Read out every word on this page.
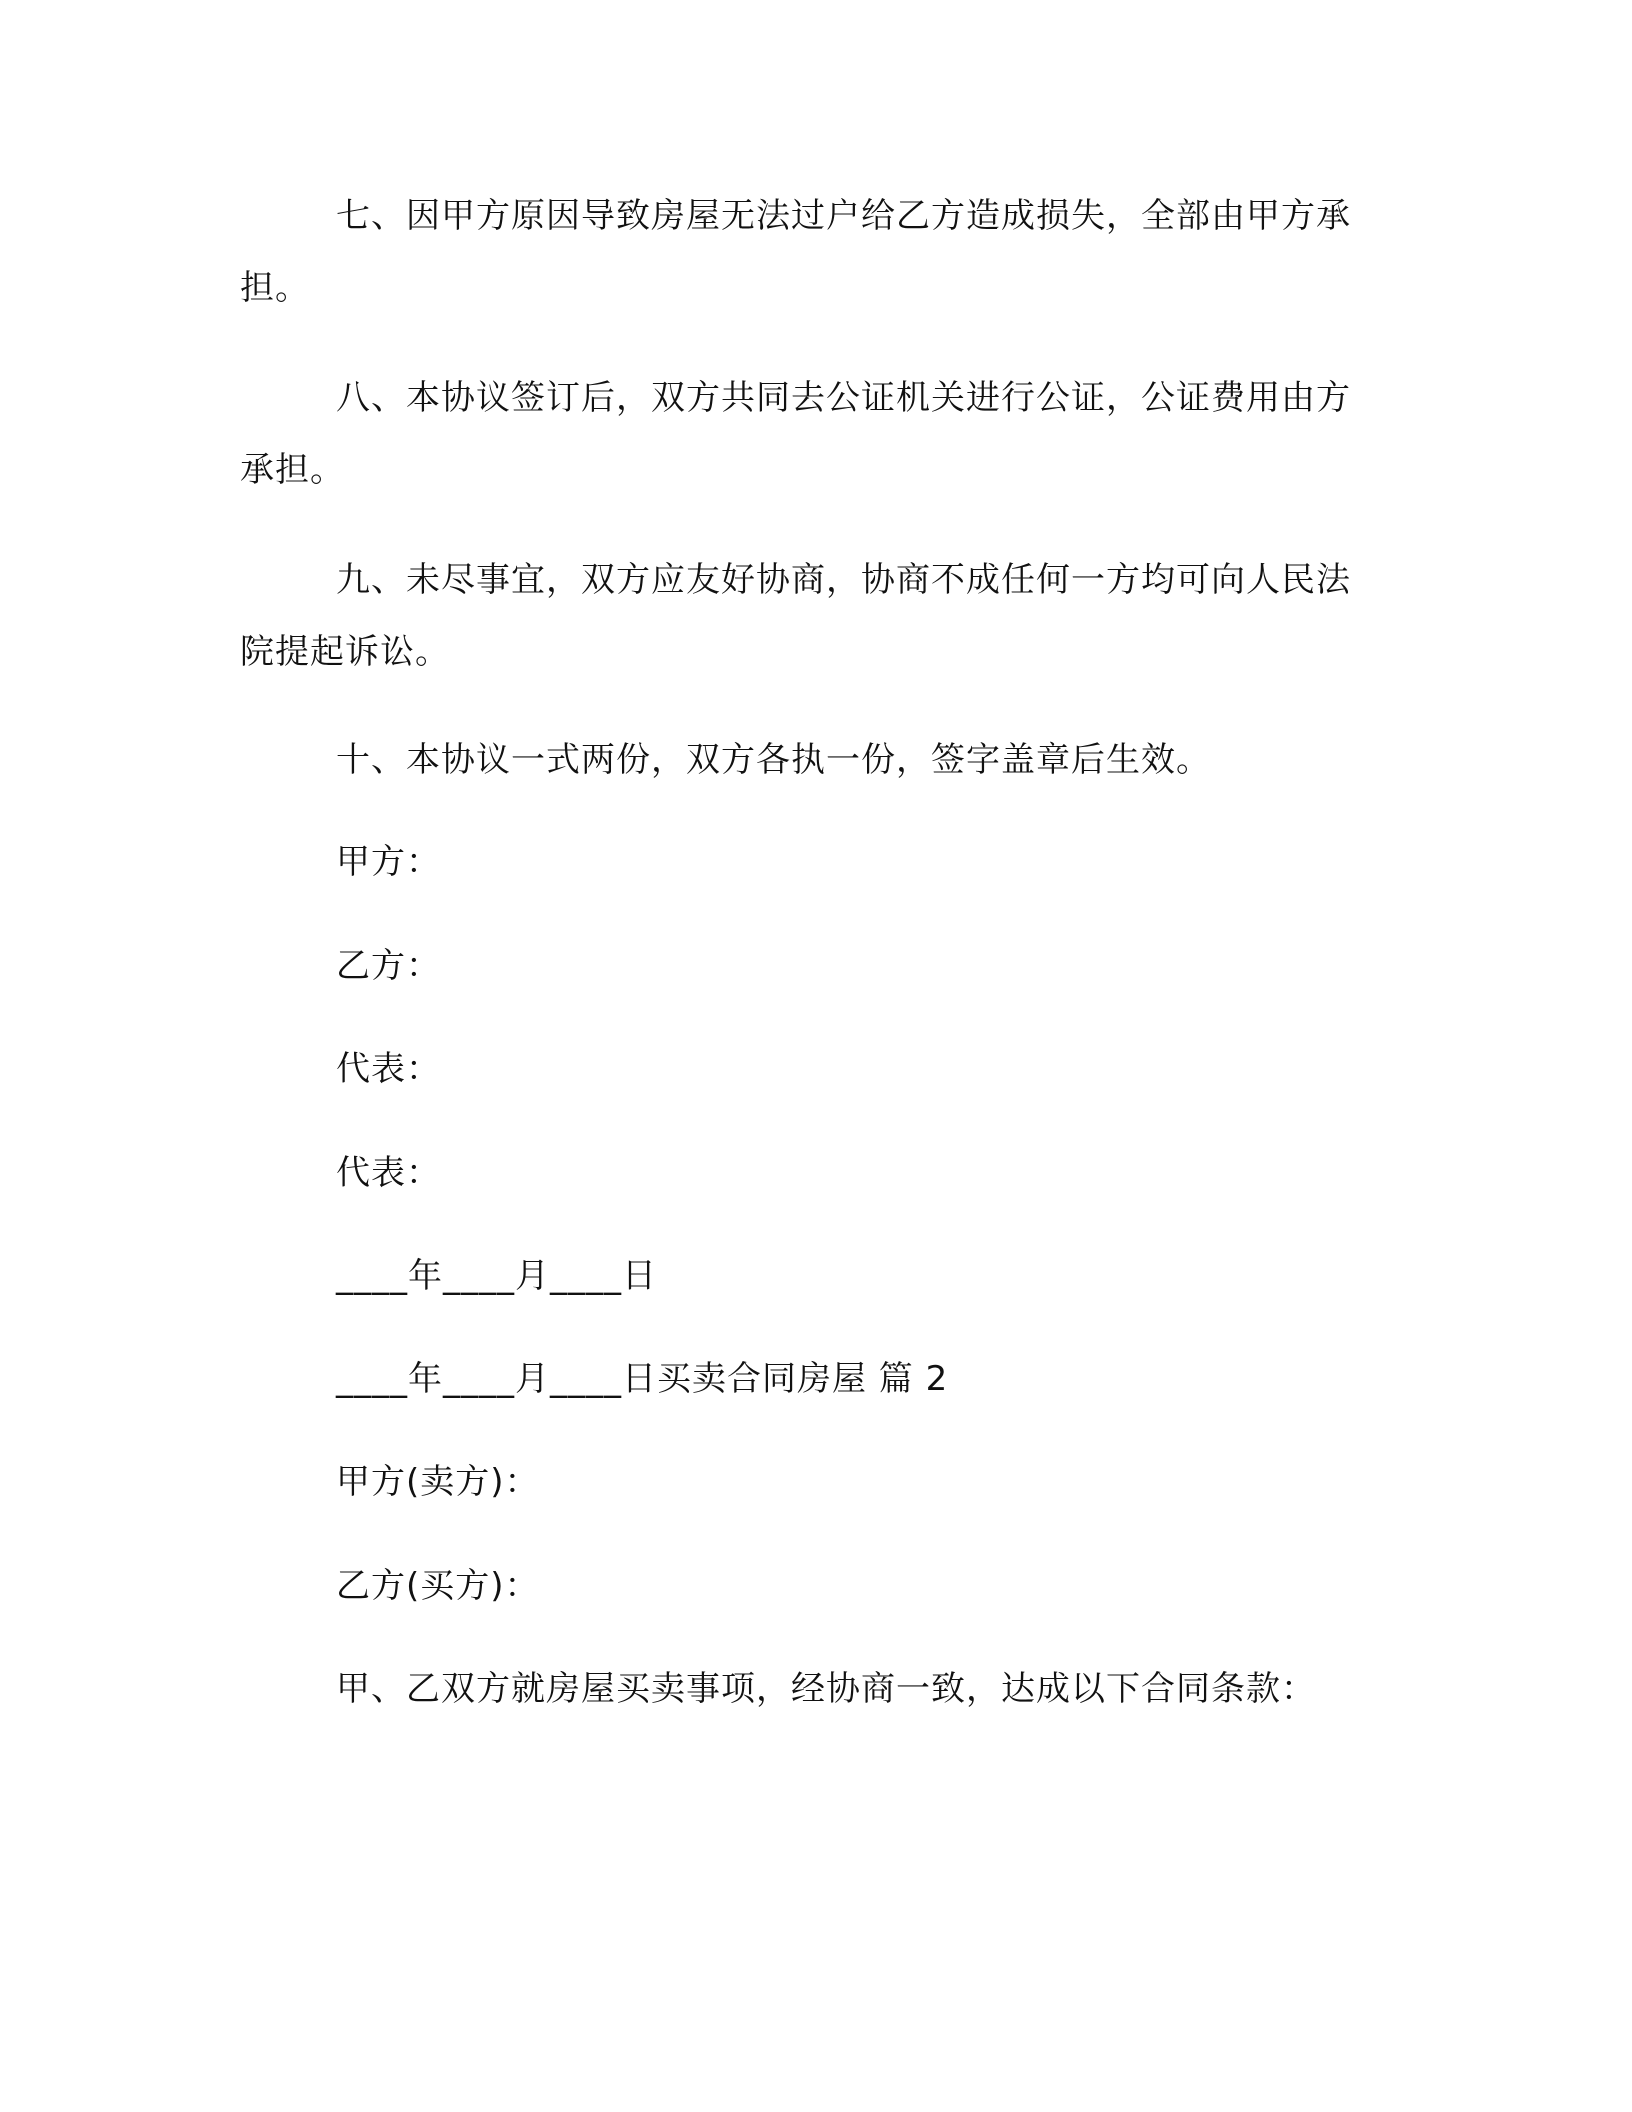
七、因甲方原因导致房屋无法过户给乙方造成损失，全部由甲方承担。

八、本协议签订后，双方共同去公证机关进行公证，公证费用由方承担。

九、未尽事宜，双方应友好协商，协商不成任何一方均可向人民法院提起诉讼。

十、本协议一式两份，双方各执一份，签字盖章后生效。

甲方：

乙方：

代表：

代表：

____年____月____日

____年____月____日买卖合同房屋 篇 2

甲方(卖方)：

乙方(买方)：

甲、乙双方就房屋买卖事项，经协商一致，达成以下合同条款：
